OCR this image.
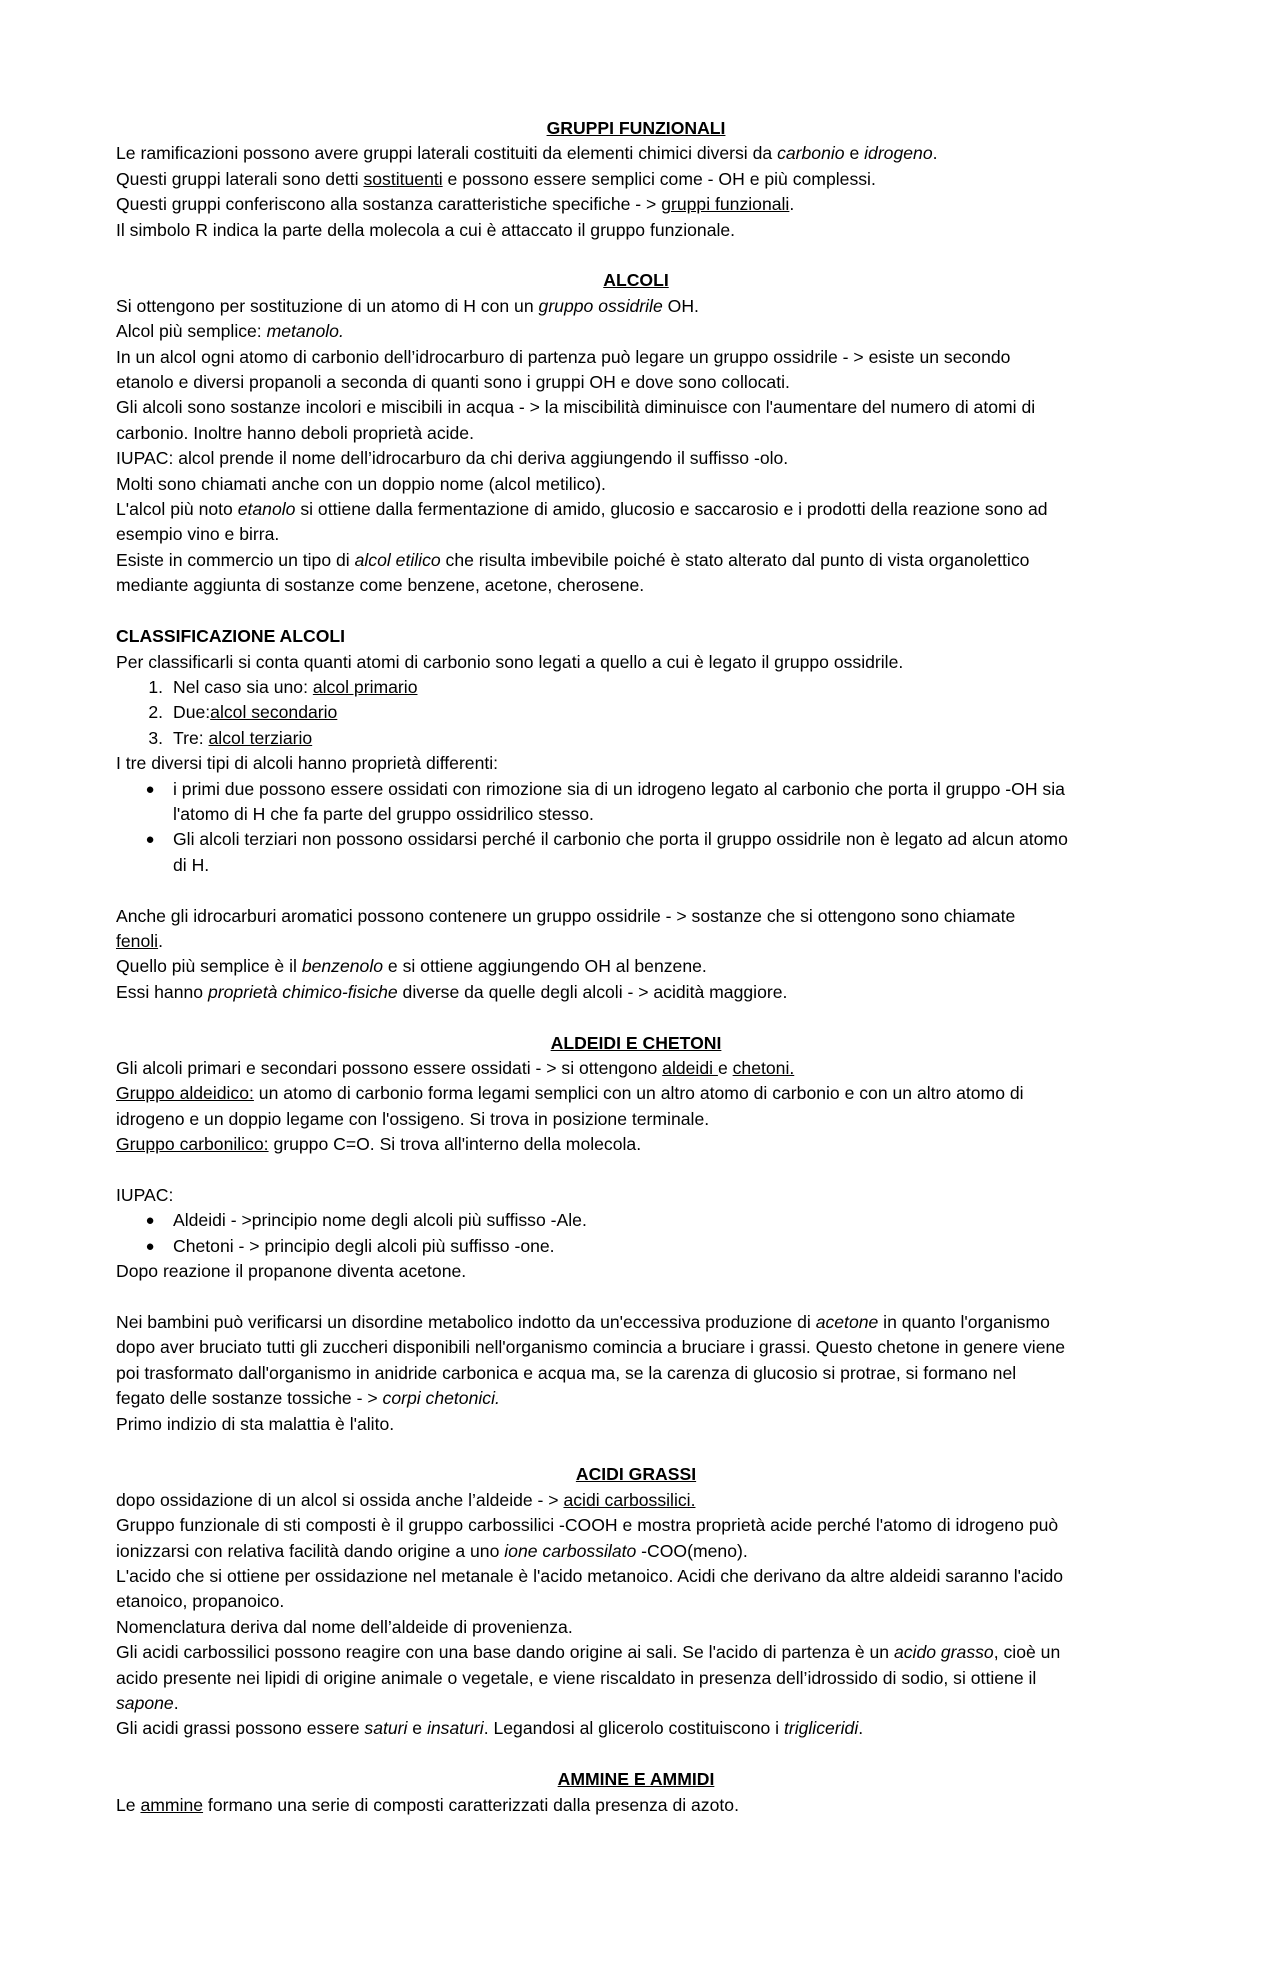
GRUPPI FUNZIONALI

Le ramificazioni possono avere gruppi laterali costituiti da elementi chimici diversi da carbonio e idrogeno.

Questi gruppi laterali sono detti sostituenti e possono essere semplici come - OH e più complessi.

Questi gruppi conferiscono alla sostanza caratteristiche specifiche - > gruppi funzionali.

Il simbolo R indica la parte della molecola a cui è attaccato il gruppo funzionale.

ALCOLI

Si ottengono per sostituzione di un atomo di H con un gruppo ossidrile OH.

Alcol più semplice: metanolo.

In un alcol ogni atomo di carbonio dell’idrocarburo di partenza può legare un gruppo ossidrile - > esiste un secondo

etanolo e diversi propanoli a seconda di quanti sono i gruppi OH e dove sono collocati.

Gli alcoli sono sostanze incolori e miscibili in acqua - > la miscibilità diminuisce con l'aumentare del numero di atomi di

carbonio. Inoltre hanno deboli proprietà acide.

IUPAC: alcol prende il nome dell’idrocarburo da chi deriva aggiungendo il suffisso -olo.

Molti sono chiamati anche con un doppio nome (alcol metilico).

L'alcol più noto etanolo si ottiene dalla fermentazione di amido, glucosio e saccarosio e i prodotti della reazione sono ad

esempio vino e birra.

Esiste in commercio un tipo di alcol etilico che risulta imbevibile poiché è stato alterato dal punto di vista organolettico

mediante aggiunta di sostanze come benzene, acetone, cherosene.

CLASSIFICAZIONE ALCOLI

Per classificarli si conta quanti atomi di carbonio sono legati a quello a cui è legato il gruppo ossidrile.

1. Nel caso sia uno: alcol primario
2. Due:alcol secondario
3. Tre: alcol terziario

I tre diversi tipi di alcoli hanno proprietà differenti:

● i primi due possono essere ossidati con rimozione sia di un idrogeno legato al carbonio che porta il gruppo -OH sia
l'atomo di H che fa parte del gruppo ossidrilico stesso.
● Gli alcoli terziari non possono ossidarsi perché il carbonio che porta il gruppo ossidrile non è legato ad alcun atomo
di H.

Anche gli idrocarburi aromatici possono contenere un gruppo ossidrile - > sostanze che si ottengono sono chiamate

fenoli.

Quello più semplice è il benzenolo e si ottiene aggiungendo OH al benzene.

Essi hanno proprietà chimico-fisiche diverse da quelle degli alcoli - > acidità maggiore.

ALDEIDI E CHETONI

Gli alcoli primari e secondari possono essere ossidati - > si ottengono aldeidi e chetoni.

Gruppo aldeidico: un atomo di carbonio forma legami semplici con un altro atomo di carbonio e con un altro atomo di

idrogeno e un doppio legame con l'ossigeno. Si trova in posizione terminale.

Gruppo carbonilico: gruppo C=O. Si trova all'interno della molecola.

IUPAC:

● Aldeidi - >principio nome degli alcoli più suffisso -Ale.
● Chetoni - > principio degli alcoli più suffisso -one.

Dopo reazione il propanone diventa acetone.

Nei bambini può verificarsi un disordine metabolico indotto da un'eccessiva produzione di acetone in quanto l'organismo

dopo aver bruciato tutti gli zuccheri disponibili nell'organismo comincia a bruciare i grassi. Questo chetone in genere viene

poi trasformato dall'organismo in anidride carbonica e acqua ma, se la carenza di glucosio si protrae, si formano nel

fegato delle sostanze tossiche - > corpi chetonici.

Primo indizio di sta malattia è l'alito.

ACIDI GRASSI

dopo ossidazione di un alcol si ossida anche l’aldeide - > acidi carbossilici.

Gruppo funzionale di sti composti è il gruppo carbossilici -COOH e mostra proprietà acide perché l'atomo di idrogeno può

ionizzarsi con relativa facilità dando origine a uno ione carbossilato -COO(meno).

L'acido che si ottiene per ossidazione nel metanale è l'acido metanoico. Acidi che derivano da altre aldeidi saranno l'acido

etanoico, propanoico.

Nomenclatura deriva dal nome dell’aldeide di provenienza.

Gli acidi carbossilici possono reagire con una base dando origine ai sali. Se l'acido di partenza è un acido grasso, cioè un

acido presente nei lipidi di origine animale o vegetale, e viene riscaldato in presenza dell’idrossido di sodio, si ottiene il

sapone.

Gli acidi grassi possono essere saturi e insaturi. Legandosi al glicerolo costituiscono i trigliceridi.

AMMINE E AMMIDI

Le ammine formano una serie di composti caratterizzati dalla presenza di azoto.
